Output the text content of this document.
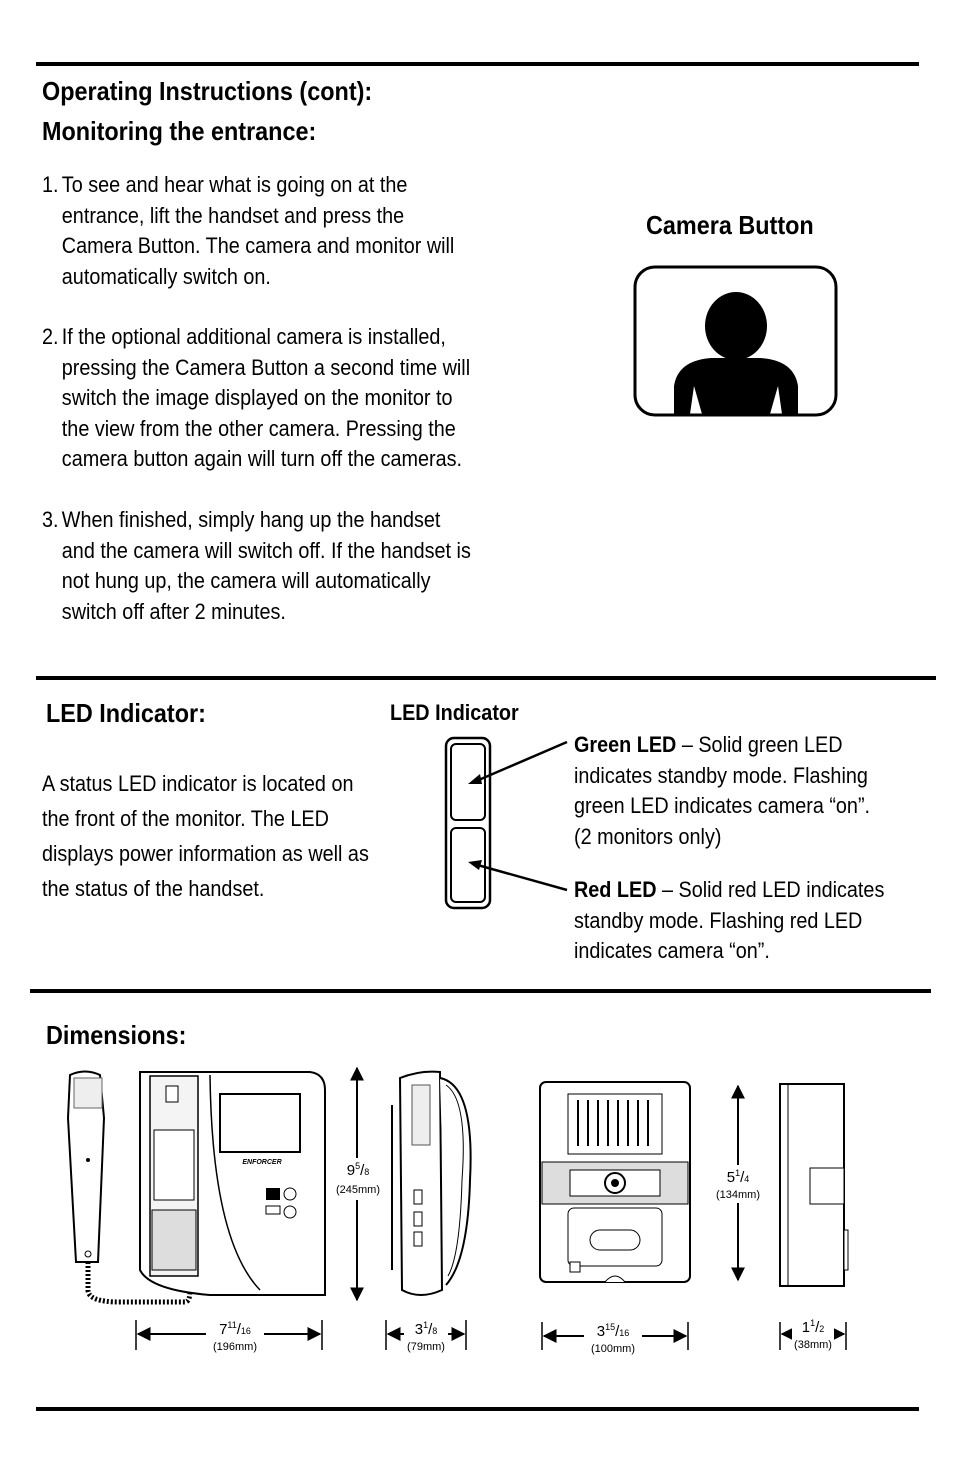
Operating Instructions (cont):
Monitoring the entrance:
1. To see and hear what is going on at the
entrance, lift the handset and press the
Camera Button. The camera and monitor will
automatically switch on.
2. If the optional additional camera is installed,
pressing the Camera Button a second time will
switch the image displayed on the monitor to
the view from the other camera. Pressing the
camera button again will turn off the cameras.
3. When finished, simply hang up the handset
and the camera will switch off. If the handset is
not hung up, the camera will automatically
switch off after 2 minutes.
Camera Button
LED Indicator:	LED Indicator
A status LED indicator is located on
the front of the monitor. The LED
displays power information as well as
the status of the handset.
Green LED – Solid green LED
indicates standby mode. Flashing
green LED indicates camera “on”.
(2 monitors only)
Red LED – Solid red LED indicates
standby mode. Flashing red LED
indicates camera “on”.
Dimensions:
ENFORCER	$9^5/8$
(245mm)
$5^1/4$
(134mm)
$7^{11}/16$
(196mm)
$3^1/8$
(79mm)
$3^{15}/16$
(100mm)
$1^1/2$
(38mm)
